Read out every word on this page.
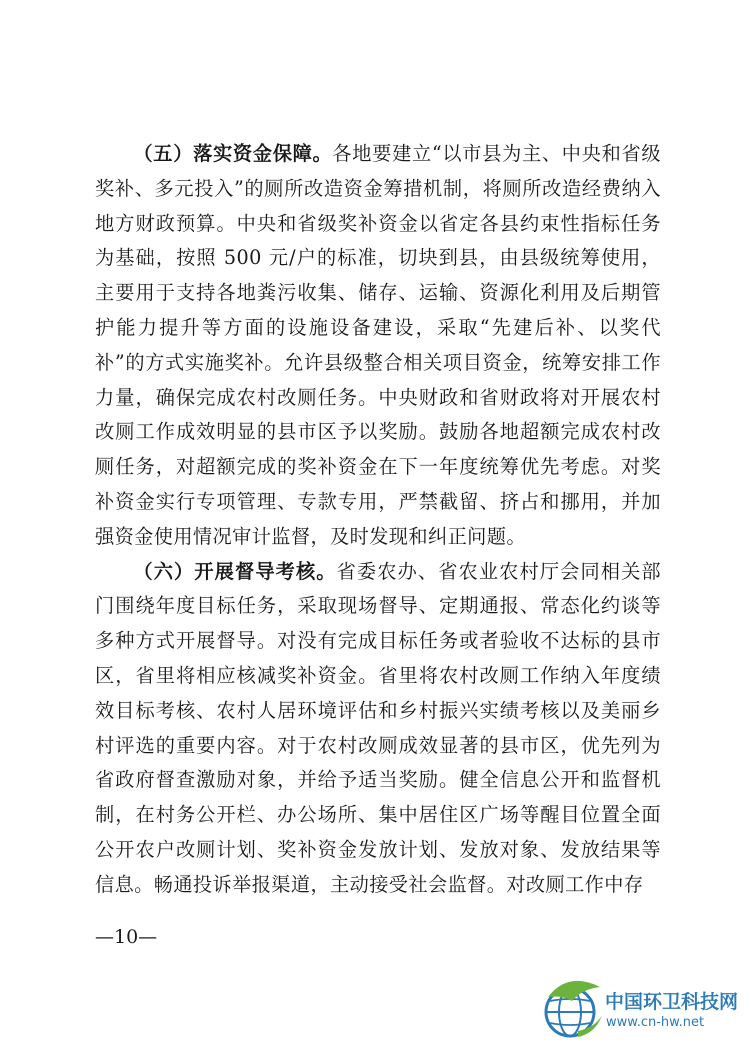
（五）落实资金保障。各地要建立“以市县为主、中央和省级奖补、多元投入”的厕所改造资金筹措机制，将厕所改造经费纳入地方财政预算。中央和省级奖补资金以省定各县约束性指标任务为基础，按照 500 元/户的标准，切块到县，由县级统筹使用，主要用于支持各地粪污收集、储存、运输、资源化利用及后期管护能力提升等方面的设施设备建设，采取“先建后补、以奖代补”的方式实施奖补。允许县级整合相关项目资金，统筹安排工作力量，确保完成农村改厕任务。中央财政和省财政将对开展农村改厕工作成效明显的县市区予以奖励。鼓励各地超额完成农村改厕任务，对超额完成的奖补资金在下一年度统筹优先考虑。对奖补资金实行专项管理、专款专用，严禁截留、挤占和挪用，并加强资金使用情况审计监督，及时发现和纠正问题。

（六）开展督导考核。省委农办、省农业农村厅会同相关部门围绕年度目标任务，采取现场督导、定期通报、常态化约谈等多种方式开展督导。对没有完成目标任务或者验收不达标的县市区，省里将相应核减奖补资金。省里将农村改厕工作纳入年度绩效目标考核、农村人居环境评估和乡村振兴实绩考核以及美丽乡村评选的重要内容。对于农村改厕成效显著的县市区，优先列为省政府督查激励对象，并给予适当奖励。健全信息公开和监督机制，在村务公开栏、办公场所、集中居住区广场等醒目位置全面公开农户改厕计划、奖补资金发放计划、发放对象、发放结果等信息。畅通投诉举报渠道，主动接受社会监督。对改厕工作中存

—10—
中国环卫科技网
www.cn-hw.net
